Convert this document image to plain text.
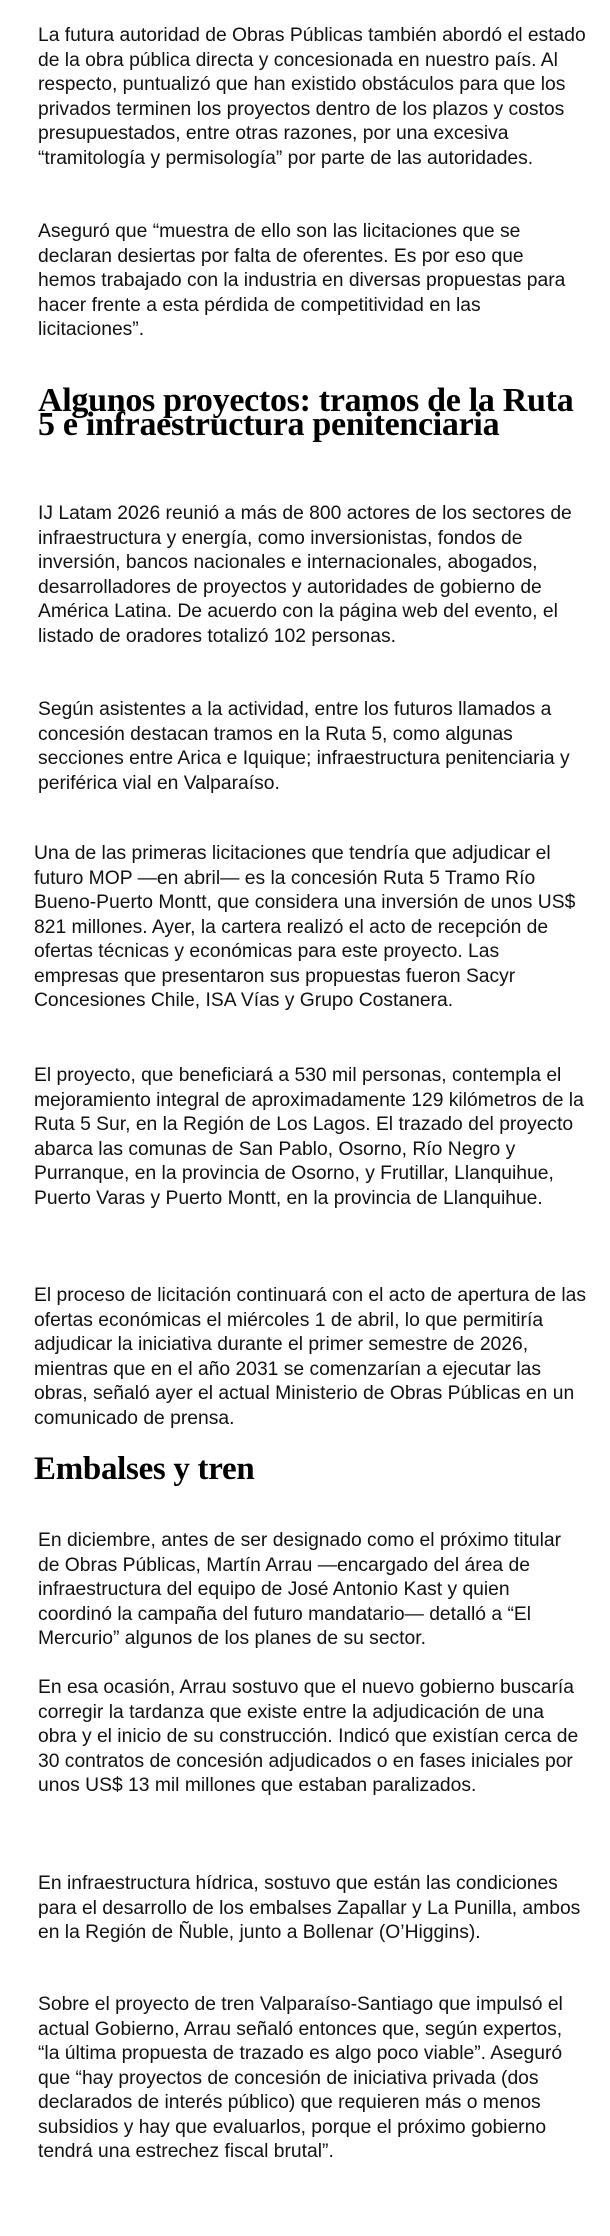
La futura autoridad de Obras Públicas también abordó el estado de la obra pública directa y concesionada en nuestro país. Al respecto, puntualizó que han existido obstáculos para que los privados terminen los proyectos dentro de los plazos y costos presupuestados, entre otras razones, por una excesiva “tramitología y permisología” por parte de las autoridades.

Aseguró que “muestra de ello son las licitaciones que se declaran desiertas por falta de oferentes. Es por eso que hemos trabajado con la industria en diversas propuestas para hacer frente a esta pérdida de competitividad en las licitaciones”.

Algunos proyectos: tramos de la Ruta 5 e infraestructura penitenciaria

IJ Latam 2026 reunió a más de 800 actores de los sectores de infraestructura y energía, como inversionistas, fondos de inversión, bancos nacionales e internacionales, abogados, desarrolladores de proyectos y autoridades de gobierno de América Latina. De acuerdo con la página web del evento, el listado de oradores totalizó 102 personas.

Según asistentes a la actividad, entre los futuros llamados a concesión destacan tramos en la Ruta 5, como algunas secciones entre Arica e Iquique; infraestructura penitenciaria y periférica vial en Valparaíso.

Una de las primeras licitaciones que tendría que adjudicar el futuro MOP —en abril— es la concesión Ruta 5 Tramo Río Bueno-Puerto Montt, que considera una inversión de unos US$ 821 millones. Ayer, la cartera realizó el acto de recepción de ofertas técnicas y económicas para este proyecto. Las empresas que presentaron sus propuestas fueron Sacyr Concesiones Chile, ISA Vías y Grupo Costanera.

El proyecto, que beneficiará a 530 mil personas, contempla el mejoramiento integral de aproximadamente 129 kilómetros de la Ruta 5 Sur, en la Región de Los Lagos. El trazado del proyecto abarca las comunas de San Pablo, Osorno, Río Negro y Purranque, en la provincia de Osorno, y Frutillar, Llanquihue, Puerto Varas y Puerto Montt, en la provincia de Llanquihue.

El proceso de licitación continuará con el acto de apertura de las ofertas económicas el miércoles 1 de abril, lo que permitiría adjudicar la iniciativa durante el primer semestre de 2026, mientras que en el año 2031 se comenzarían a ejecutar las obras, señaló ayer el actual Ministerio de Obras Públicas en un comunicado de prensa.

Embalses y tren

En diciembre, antes de ser designado como el próximo titular de Obras Públicas, Martín Arrau —encargado del área de infraestructura del equipo de José Antonio Kast y quien coordinó la campaña del futuro mandatario— detalló a “El Mercurio” algunos de los planes de su sector.

En esa ocasión, Arrau sostuvo que el nuevo gobierno buscaría corregir la tardanza que existe entre la adjudicación de una obra y el inicio de su construcción. Indicó que existían cerca de 30 contratos de concesión adjudicados o en fases iniciales por unos US$ 13 mil millones que estaban paralizados.

En infraestructura hídrica, sostuvo que están las condiciones para el desarrollo de los embalses Zapallar y La Punilla, ambos en la Región de Ñuble, junto a Bollenar (O’Higgins).

Sobre el proyecto de tren Valparaíso-Santiago que impulsó el actual Gobierno, Arrau señaló entonces que, según expertos, “la última propuesta de trazado es algo poco viable”. Aseguró que “hay proyectos de concesión de iniciativa privada (dos declarados de interés público) que requieren más o menos subsidios y hay que evaluarlos, porque el próximo gobierno tendrá una estrechez fiscal brutal”.
